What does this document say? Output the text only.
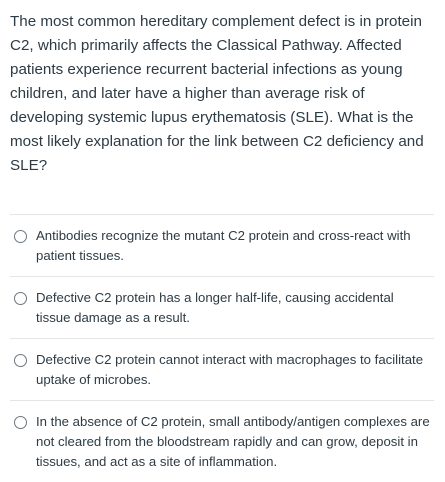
The most common hereditary complement defect is in protein C2, which primarily affects the Classical Pathway. Affected patients experience recurrent bacterial infections as young children, and later have a higher than average risk of developing systemic lupus erythematosis (SLE). What is the most likely explanation for the link between C2 deficiency and SLE?

Antibodies recognize the mutant C2 protein and cross-react with patient tissues.
Defective C2 protein has a longer half-life, causing accidental tissue damage as a result.
Defective C2 protein cannot interact with macrophages to facilitate uptake of microbes.
In the absence of C2 protein, small antibody/antigen complexes are not cleared from the bloodstream rapidly and can grow, deposit in tissues, and act as a site of inflammation.
